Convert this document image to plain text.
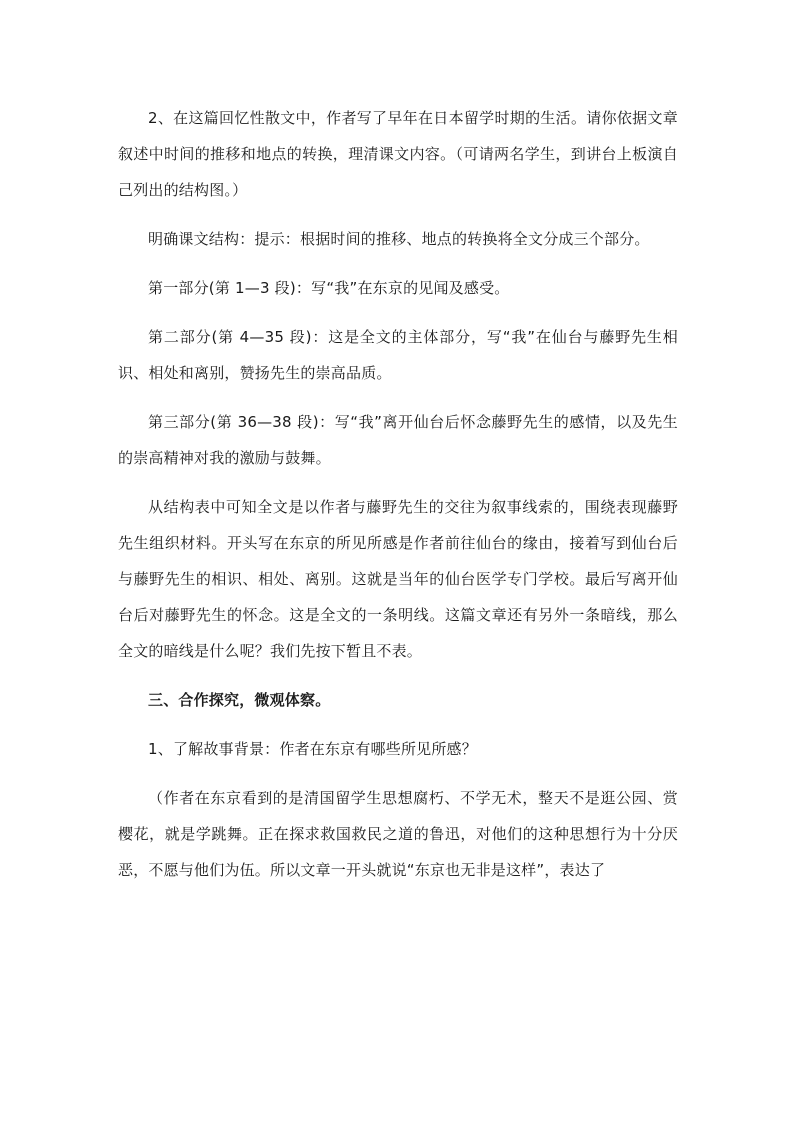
2、在这篇回忆性散文中，作者写了早年在日本留学时期的生活。请你依据文章叙述中时间的推移和地点的转换，理清课文内容。（可请两名学生，到讲台上板演自己列出的结构图。）

明确课文结构：提示：根据时间的推移、地点的转换将全文分成三个部分。

第一部分(第 1—3 段)：写“我”在东京的见闻及感受。

第二部分(第 4—35 段)：这是全文的主体部分，写“我”在仙台与藤野先生相识、相处和离别，赞扬先生的崇高品质。

第三部分(第 36—38 段)：写“我”离开仙台后怀念藤野先生的感情，以及先生的崇高精神对我的激励与鼓舞。

从结构表中可知全文是以作者与藤野先生的交往为叙事线索的，围绕表现藤野先生组织材料。开头写在东京的所见所感是作者前往仙台的缘由，接着写到仙台后与藤野先生的相识、相处、离别。这就是当年的仙台医学专门学校。最后写离开仙台后对藤野先生的怀念。这是全文的一条明线。这篇文章还有另外一条暗线，那么全文的暗线是什么呢？我们先按下暂且不表。

三、合作探究，微观体察。

1、了解故事背景：作者在东京有哪些所见所感？

（作者在东京看到的是清国留学生思想腐朽、不学无术，整天不是逛公园、赏樱花，就是学跳舞。正在探求救国救民之道的鲁迅，对他们的这种思想行为十分厌恶，不愿与他们为伍。所以文章一开头就说“东京也无非是这样”，表达了
